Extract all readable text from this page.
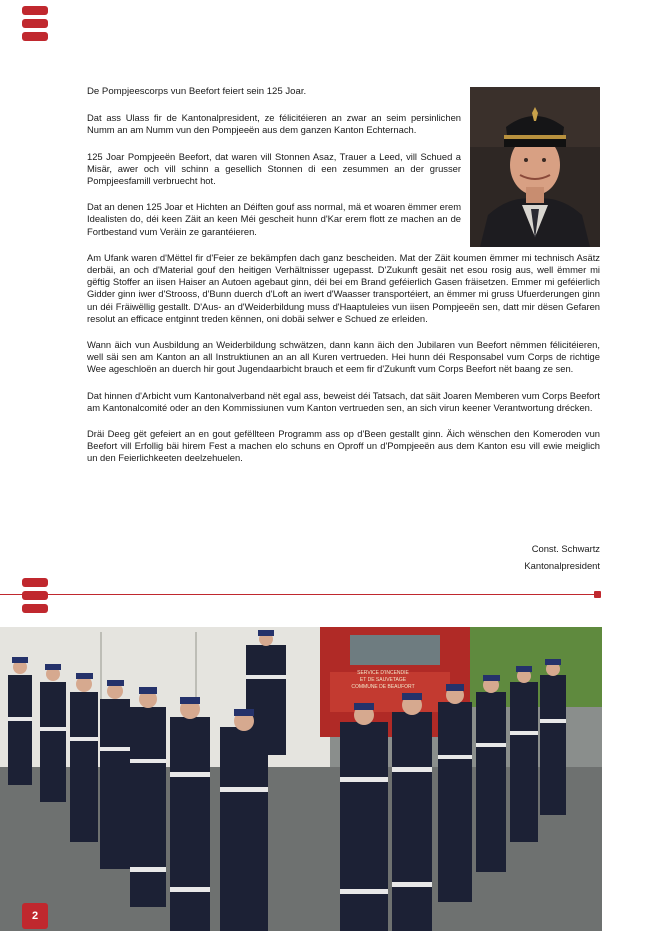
De Pompjeescorps vun Beefort feiert sein 125 Joar.

Dat ass Ulass fir de Kantonalpresident, ze félicitéieren an zwar an seim persinlichen Numm an am Numm vun den Pompjeeën aus dem ganzen Kanton Echternach.

125 Joar Pompjeeën Beefort, dat waren vill Stonnen Asaz, Trauer a Leed, vill Schued a Misär, awer och vill schinn a gesellich Stonnen di een zesummen an der grusser Pompjeesfamill verbruecht hot.

Dat an denen 125 Joar et Hichten an Déiften gouf ass normal, mä et woaren ëmmer erem Idealisten do, déi keen Zäit an keen Méi gescheit hunn d'Kar erem flott ze machen an de Fortbestand vum Veräin ze garantéieren.

Am Ufank waren d'Mëttel fir d'Feier ze bekämpfen dach ganz bescheiden. Mat der Zäit koumen ëmmer mi technisch Asätz derbäi, an och d'Material gouf den heitigen Verhältnisser ugepasst. D'Zukunft gesäit net esou rosig aus, well ëmmer mi gëftig Stoffer an iisen Haiser an Autoen agebaut ginn, déi bei em Brand geféierlich Gasen fräisetzen. Emmer mi geféierlich Gidder ginn iwer d'Strooss, d'Bunn duerch d'Loft an iwert d'Waasser transportéiert, an ëmmer mi gruss Ufuerderungen ginn un déi Fräiwëllig gestallt. D'Aus- an d'Weiderbildung muss d'Haaptuleies vun iisen Pompjeeën sen, datt mir dësen Gefaren resolut an efficace entginnt treden kënnen, oni dobäi selwer e Schued ze erleiden.

Wann äich vun Ausbildung an Weiderbildung schwätzen, dann kann äich den Jubilaren vun Beefort nëmmen félicitéieren, well säi sen am Kanton an all Instruktiunen an an all Kuren vertrueden. Hei hunn déi Responsabel vum Corps de richtige Wee ageschloën an duerch hir gout Jugendaarbicht brauch et eem fir d'Zukunft vum Corps Beefort nët baang ze sen.

Dat hinnen d'Arbicht vum Kantonalverband nët egal ass, beweist déi Tatsach, dat säit Joaren Memberen vum Corps Beefort am Kantonalcomité oder an den Kommissiunen vum Kanton vertrueden sen, an sich virun keener Verantwortung drécken.

Dräi Deeg gët gefeiert an en gout gefëllteen Programm ass op d'Been gestallt ginn. Äich wënschen den Komeroden vun Beefort vill Erfollig bäi hirem Fest a machen elo schuns en Oproff un d'Pompjeeën aus dem Kanton esu vill ewie meiglich un den Feierlichkeeten deelzehuelen.

Const. Schwartz
Kantonalpresident
SERVICE D'INCENDIE
ET DE SAUVETAGE
COMMUNE DE BEAUFORT
2
